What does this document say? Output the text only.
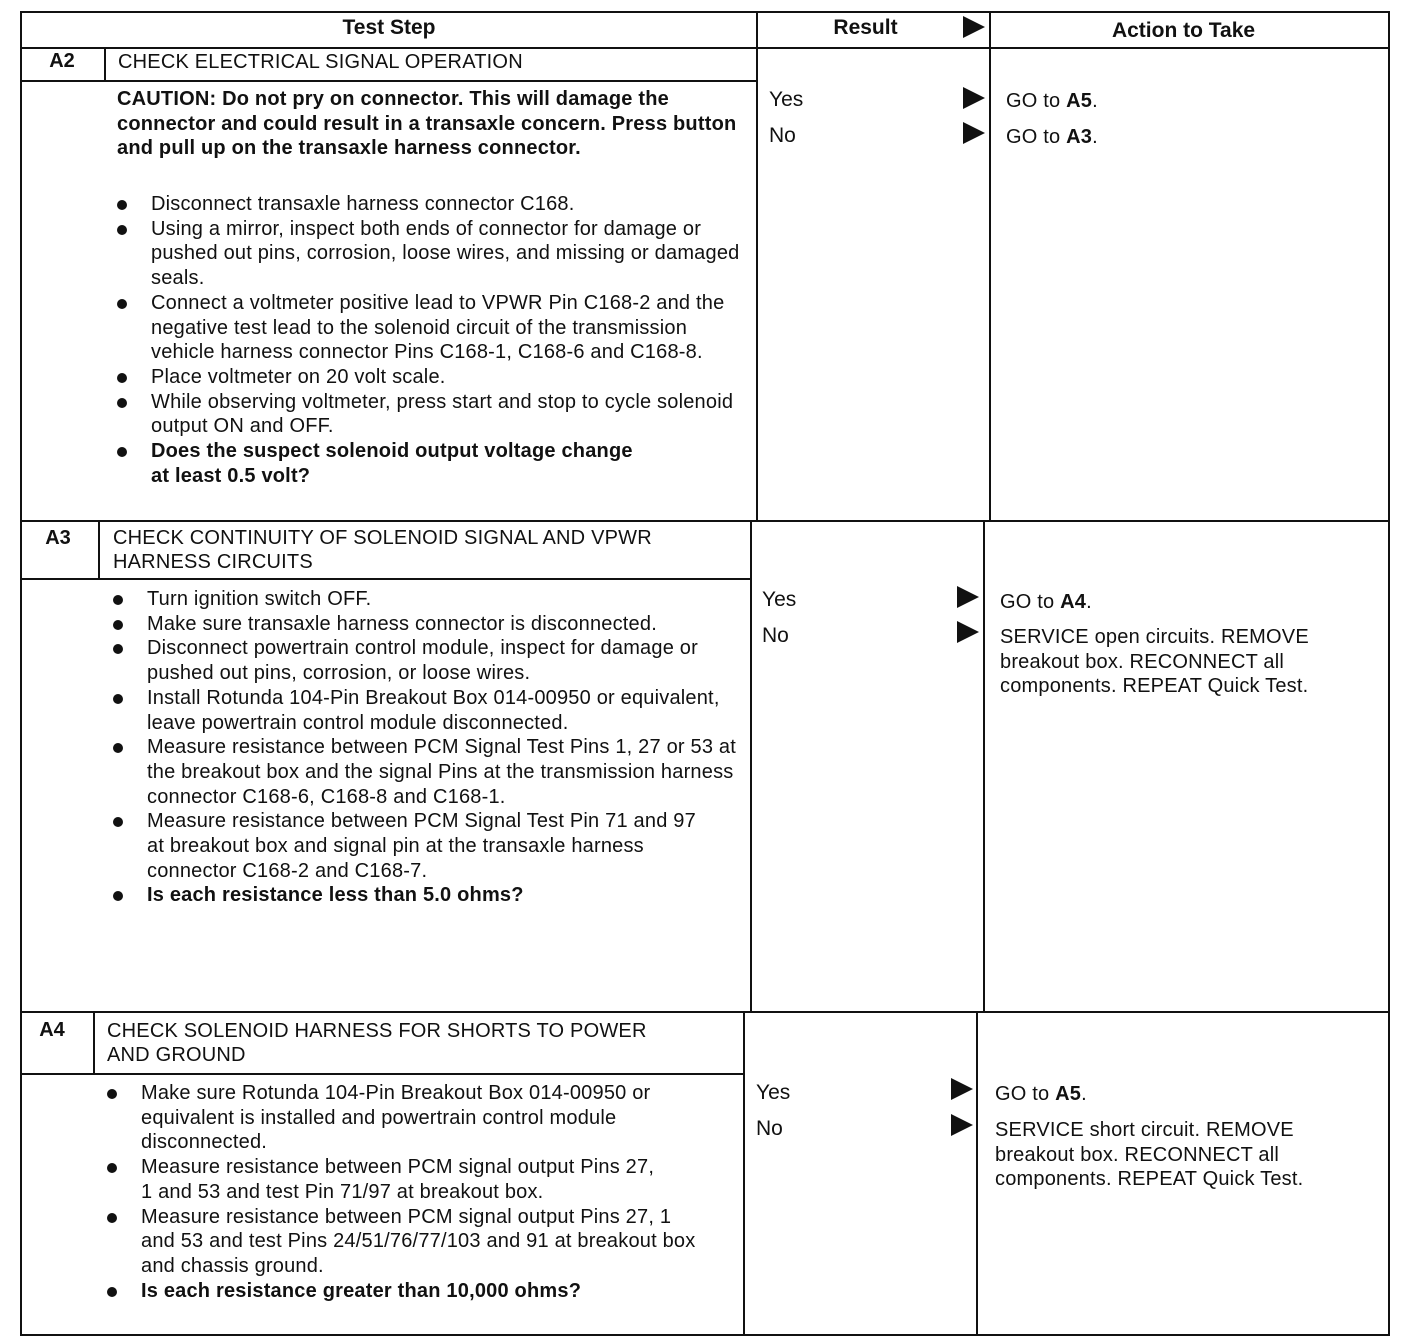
Test Step	Result	Action to Take
A2	CHECK ELECTRICAL SIGNAL OPERATION
CAUTION: Do not pry on connector. This will damage the connector and could result in a transaxle concern. Press button and pull up on the transaxle harness connector.
Disconnect transaxle harness connector C168.
Using a mirror, inspect both ends of connector for damage or pushed out pins, corrosion, loose wires, and missing or damaged seals.
Connect a voltmeter positive lead to VPWR Pin C168-2 and the negative test lead to the solenoid circuit of the transmission vehicle harness connector Pins C168-1, C168-6 and C168-8.
Place voltmeter on 20 volt scale.
While observing voltmeter, press start and stop to cycle solenoid output ON and OFF.
Does the suspect solenoid output voltage change at least 0.5 volt?
Yes	GO to A5.
No	GO to A3.
A3	CHECK CONTINUITY OF SOLENOID SIGNAL AND VPWR HARNESS CIRCUITS
Turn ignition switch OFF.
Make sure transaxle harness connector is disconnected.
Disconnect powertrain control module, inspect for damage or pushed out pins, corrosion, or loose wires.
Install Rotunda 104-Pin Breakout Box 014-00950 or equivalent, leave powertrain control module disconnected.
Measure resistance between PCM Signal Test Pins 1, 27 or 53 at the breakout box and the signal Pins at the transmission harness connector C168-6, C168-8 and C168-1.
Measure resistance between PCM Signal Test Pin 71 and 97 at breakout box and signal pin at the transaxle harness connector C168-2 and C168-7.
Is each resistance less than 5.0 ohms?
Yes	GO to A4.
No	SERVICE open circuits. REMOVE breakout box. RECONNECT all components. REPEAT Quick Test.
A4	CHECK SOLENOID HARNESS FOR SHORTS TO POWER AND GROUND
Make sure Rotunda 104-Pin Breakout Box 014-00950 or equivalent is installed and powertrain control module disconnected.
Measure resistance between PCM signal output Pins 27, 1 and 53 and test Pin 71/97 at breakout box.
Measure resistance between PCM signal output Pins 27, 1 and 53 and test Pins 24/51/76/77/103 and 91 at breakout box and chassis ground.
Is each resistance greater than 10,000 ohms?
Yes	GO to A5.
No	SERVICE short circuit. REMOVE breakout box. RECONNECT all components. REPEAT Quick Test.
